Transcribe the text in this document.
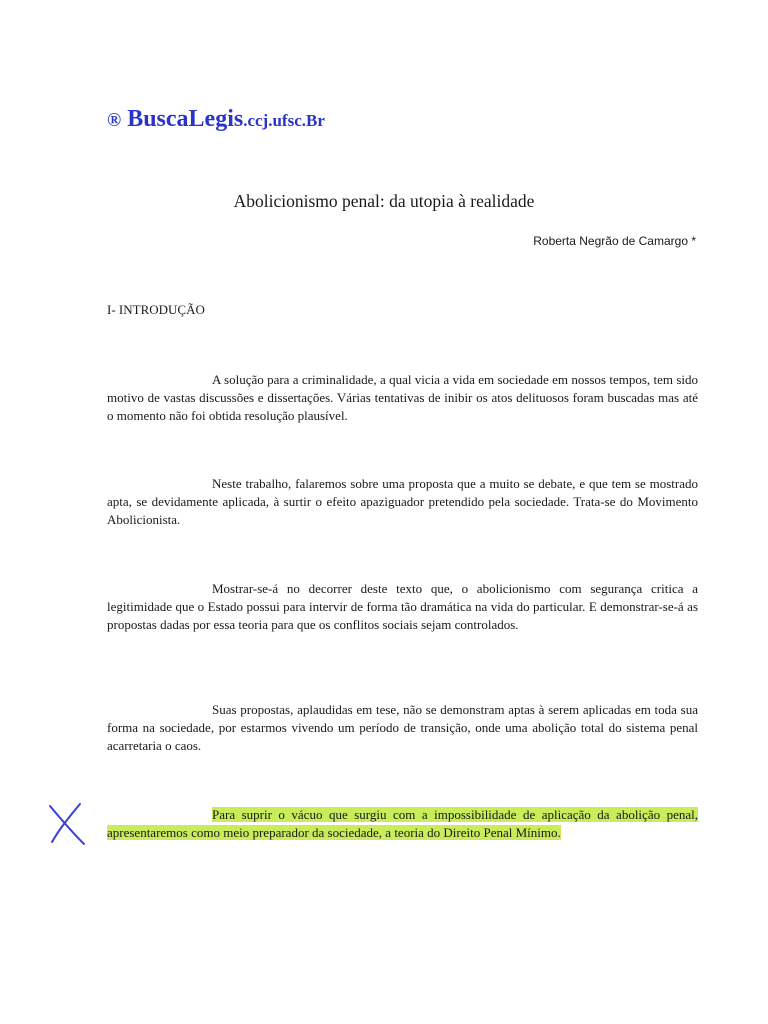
® BuscaLegis.ccj.ufsc.Br
Abolicionismo penal: da utopia à realidade
Roberta Negrão de Camargo *
I- INTRODUÇÃO

A solução para a criminalidade, a qual vicia a vida em sociedade em nossos tempos, tem sido motivo de vastas discussões e dissertações. Várias tentativas de inibir os atos delituosos foram buscadas mas até o momento não foi obtida resolução plausível.

Neste trabalho, falaremos sobre uma proposta que a muito se debate, e que tem se mostrado apta, se devidamente aplicada, à surtir o efeito apaziguador pretendido pela sociedade. Trata-se do Movimento Abolicionista.

Mostrar-se-á no decorrer deste texto que, o abolicionismo com segurança critica a legitimidade que o Estado possui para intervir de forma tão dramática na vida do particular. E demonstrar-se-á as propostas dadas por essa teoria para que os conflitos sociais sejam controlados.

Suas propostas, aplaudidas em tese, não se demonstram aptas à serem aplicadas em toda sua forma na sociedade, por estarmos vivendo um período de transição, onde uma abolição total do sistema penal acarretaria o caos.

Para suprir o vácuo que surgiu com a impossibilidade de aplicação da abolição penal, apresentaremos como meio preparador da sociedade, a teoria do Direito Penal Mínimo.
